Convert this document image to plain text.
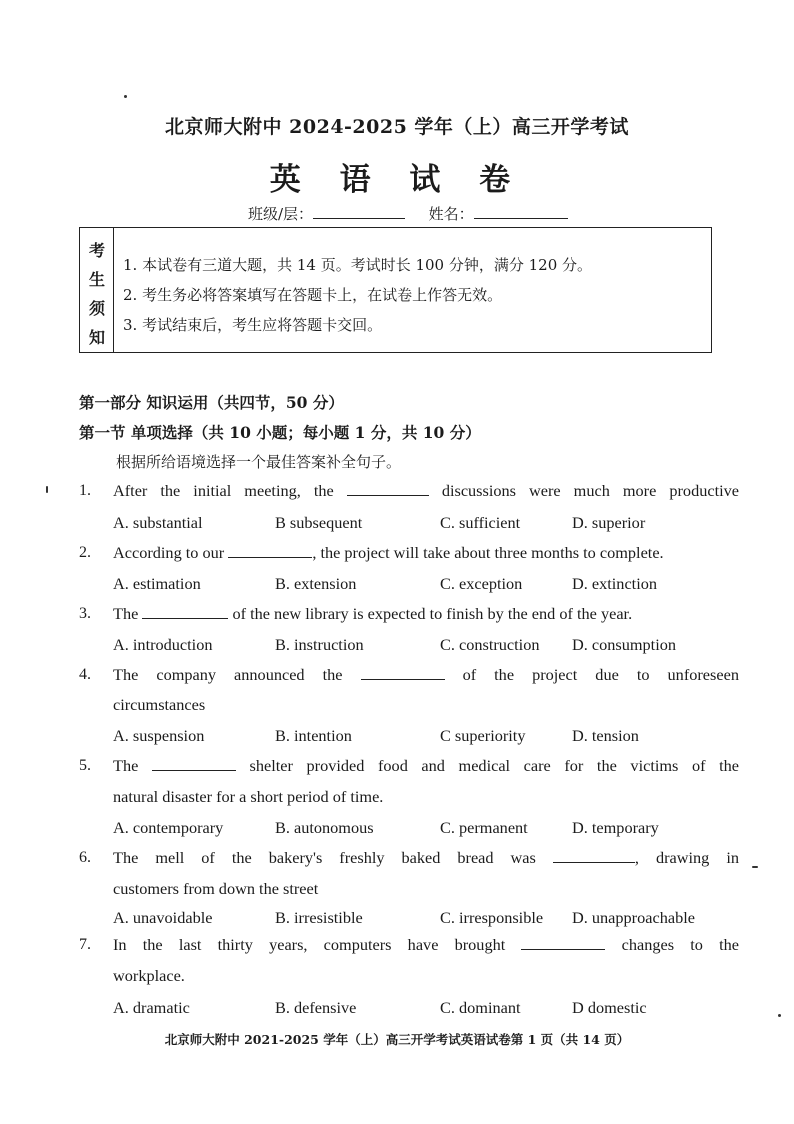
北京师大附中 2024-2025 学年（上）高三开学考试
英 语 试 卷
班级/层：	姓名：
考
生
须
知
1. 本试卷有三道大题，共 14 页。考试时长 100 分钟，满分 120 分。
2. 考生务必将答案填写在答题卡上，在试卷上作答无效。
3. 考试结束后，考生应将答题卡交回。
第一部分 知识运用（共四节，50 分）
第一节 单项选择（共 10 小题；每小题 1 分，共 10 分）
根据所给语境选择一个最佳答案补全句子。
1.	After the initial meeting, the	discussions were much more productive
A. substantial	B subsequent	C. sufficient	D. superior
2.	According to our	, the project will take about three months to complete.
A. estimation	B. extension	C. exception	D. extinction
3.	The	of the new library is expected to finish by the end of the year.
A. introduction	B. instruction	C. construction D. consumption
4.	The company announced the	of the project due to unforeseen
circumstances
A. suspension	B. intention	C superiority	D. tension
5.	The	shelter provided food and medical care for the victims of the
natural disaster for a short period of time.
A. contemporary	B. autonomous	C. permanent	D. temporary
6.	The mell of the bakery's freshly baked bread was	, drawing in
customers from down the street
A. unavoidable	B. irresistible	C. irresponsible D. unapproachable
7.	In the last thirty years, computers have brought	changes to the
workplace.
A. dramatic	B. defensive	C. dominant	D domestic
北京师大附中 2021-2025 学年（上）高三开学考试英语试卷第 1 页（共 14 页）
